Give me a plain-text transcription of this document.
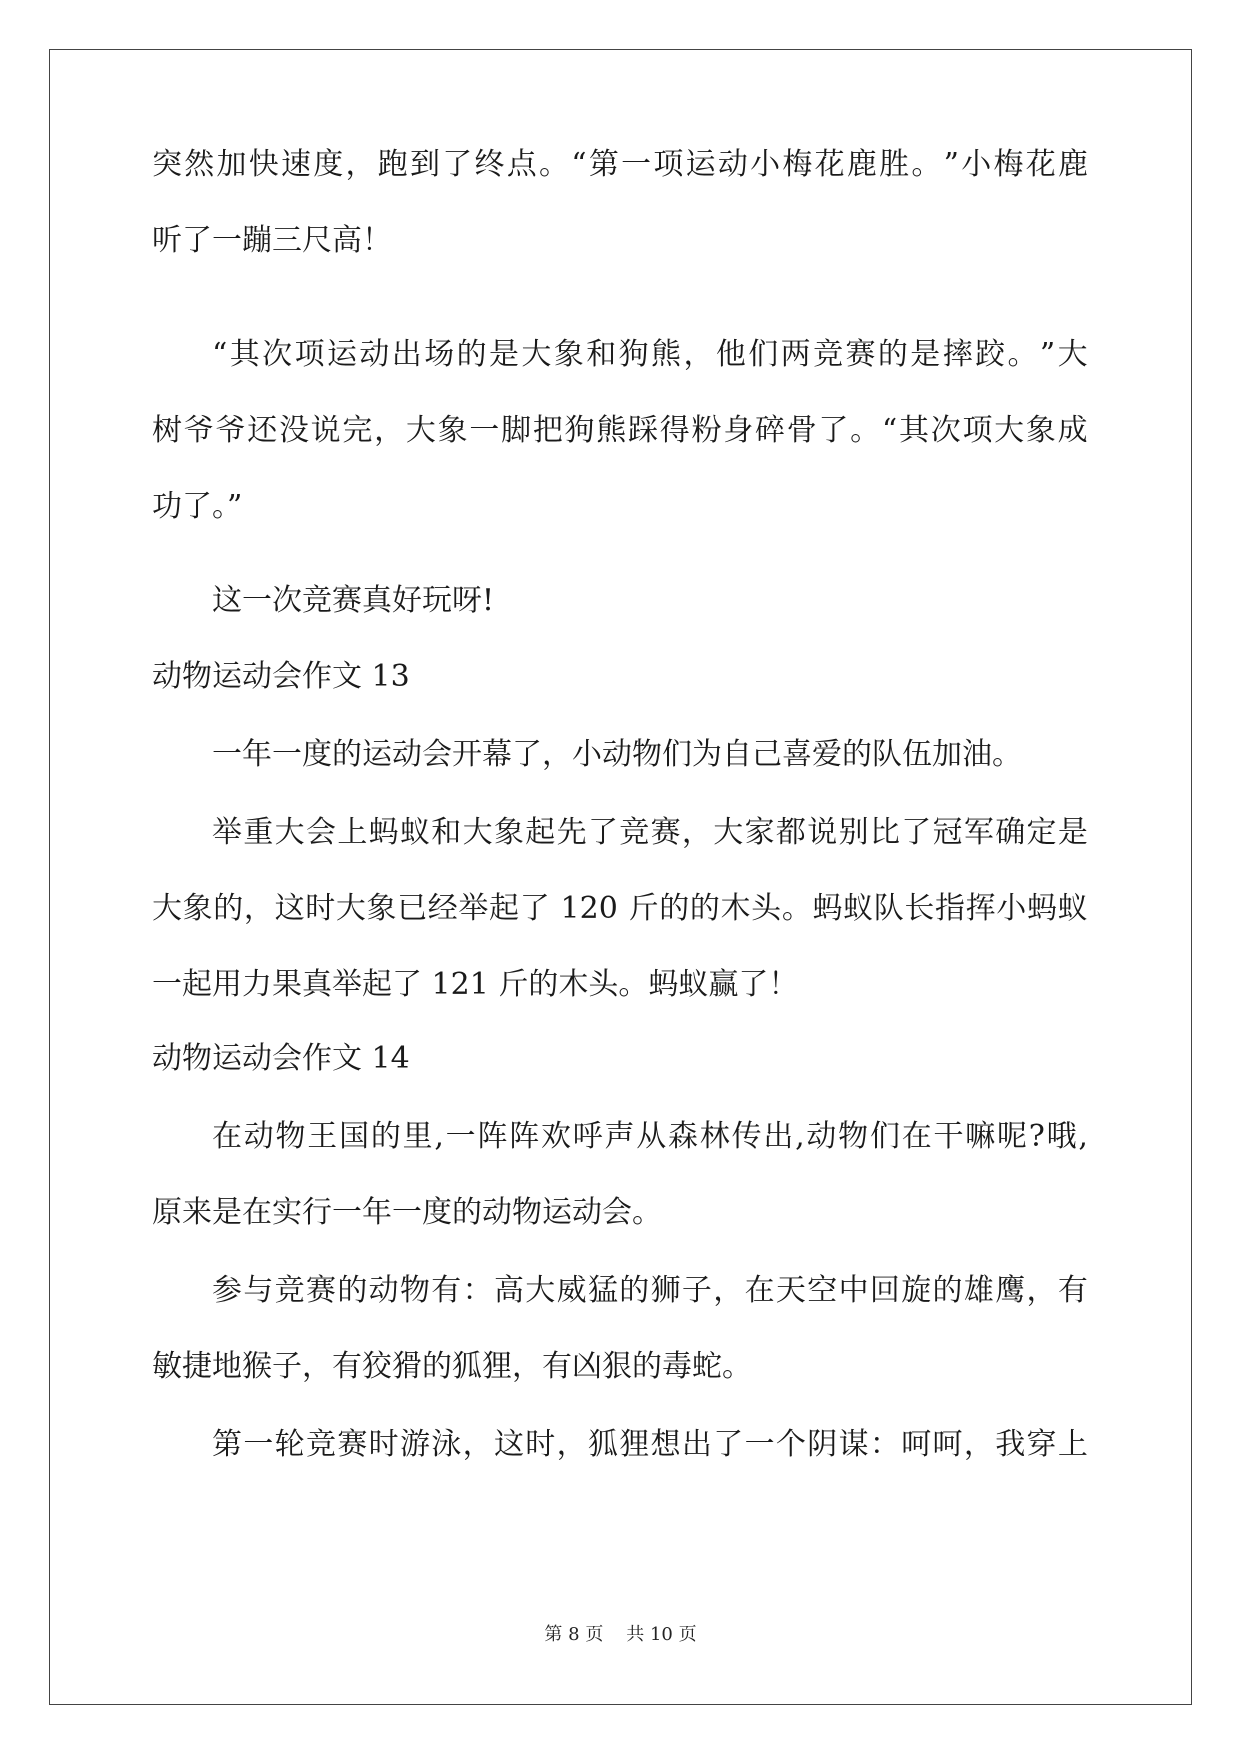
突 然 加 快 速 度 ， 跑 到 了 终 点 。 “ 第 一 项 运 动 小 梅 花 鹿 胜 。 ” 小 梅 花 鹿
听了一蹦三尺高！
“ 其 次 项 运 动 出 场 的 是 大 象 和 狗 熊 ， 他 们 两 竞 赛 的 是 摔 跤 。 ” 大
树 爷 爷 还 没 说 完 ， 大 象 一 脚 把 狗 熊 踩 得 粉 身 碎 骨 了 。 “ 其 次 项 大 象 成
功了。”
这一次竞赛真好玩呀!
动物运动会作文 13
一年一度的运动会开幕了，小动物们为自己喜爱的队伍加油。
举 重 大 会 上 蚂 蚁 和 大 象 起 先 了 竞 赛 ， 大 家 都 说 别 比 了 冠 军 确 定 是
大 象 的 ， 这 时 大 象 已 经 举 起 了
120
斤 的 的 木 头 。 蚂 蚁 队 长 指 挥 小 蚂 蚁
一起用力果真举起了 121 斤的木头。蚂蚁赢了！
动物运动会作文 14
在 动 物 王 国 的 里 , 一 阵 阵 欢 呼 声 从 森 林 传 出 , 动 物 们 在 干 嘛 呢 ? 哦 ,
原来是在实行一年一度的动物运动会。
参 与 竞 赛 的 动 物 有 ： 高 大 威 猛 的 狮 子 ， 在 天 空 中 回 旋 的 雄 鹰 ， 有
敏捷地猴子，有狡猾的狐狸，有凶狠的毒蛇。
第 一 轮 竞 赛 时 游 泳 ， 这 时 ， 狐 狸 想 出 了 一 个 阴 谋 ： 呵 呵 ， 我 穿 上
第 8 页 共 10 页
